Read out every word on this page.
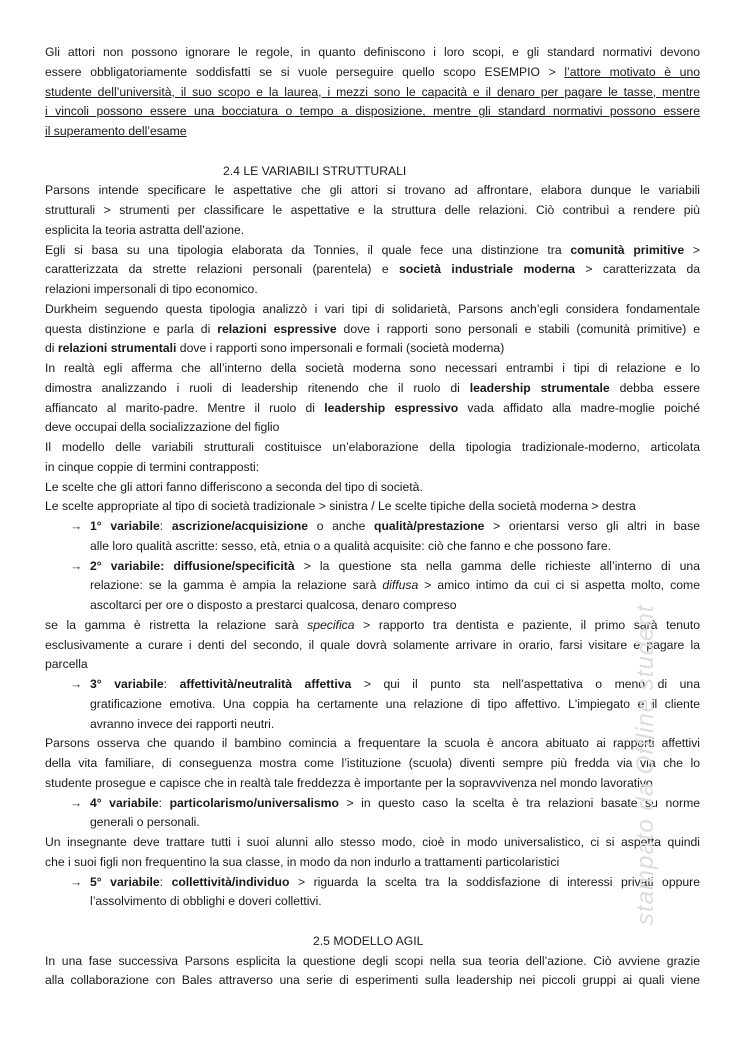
Gli attori non possono ignorare le regole, in quanto definiscono i loro scopi, e gli standard normativi devono
essere obbligatoriamente soddisfatti se si vuole perseguire quello scopo ESEMPIO > l’attore motivato è uno
studente dell’università, il suo scopo e la laurea, i mezzi sono le capacità e il denaro per pagare le tasse, mentre
i vincoli possono essere una bocciatura o tempo a disposizione, mentre gli standard normativi possono essere
il superamento dell’esame
2.4 LE VARIABILI STRUTTURALI
Parsons intende specificare le aspettative che gli attori si trovano ad affrontare, elabora dunque le variabili
strutturali > strumenti per classificare le aspettative e la struttura delle relazioni. Ciò contribuì a rendere più
esplicita la teoria astratta dell’azione.
Egli si basa su una tipologia elaborata da Tonnies, il quale fece una distinzione tra comunità primitive >
caratterizzata da strette relazioni personali (parentela) e società industriale moderna > caratterizzata da
relazioni impersonali di tipo economico.
Durkheim seguendo questa tipologia analizzò i vari tipi di solidarietà, Parsons anch’egli considera fondamentale
questa distinzione e parla di relazioni espressive dove i rapporti sono personali e stabili (comunità primitive) e
di relazioni strumentali dove i rapporti sono impersonali e formali (società moderna)
In realtà egli afferma che all’interno della società moderna sono necessari entrambi i tipi di relazione e lo
dimostra analizzando i ruoli di leadership ritenendo che il ruolo di leadership strumentale debba essere
affiancato al marito-padre. Mentre il ruolo di leadership espressivo vada affidato alla madre-moglie poiché
deve occupai della socializzazione del figlio
Il modello delle variabili strutturali costituisce un’elaborazione della tipologia tradizionale-moderno, articolata
in cinque coppie di termini contrapposti:
Le scelte che gli attori fanno differiscono a seconda del tipo di società.
Le scelte appropriate al tipo di società tradizionale > sinistra / Le scelte tipiche della società moderna > destra
→ 1° variabile: ascrizione/acquisizione o anche qualità/prestazione > orientarsi verso gli altri in base
alle loro qualità ascritte: sesso, età, etnia o a qualità acquisite: ciò che fanno e che possono fare.
→ 2° variabile: diffusione/specificità > la questione sta nella gamma delle richieste all’interno di una
relazione: se la gamma è ampia la relazione sarà diffusa > amico intimo da cui ci si aspetta molto, come
ascoltarci per ore o disposto a prestarci qualcosa, denaro compreso
se la gamma è ristretta la relazione sarà specifica > rapporto tra dentista e paziente, il primo sarà tenuto
esclusivamente a curare i denti del secondo, il quale dovrà solamente arrivare in orario, farsi visitare e pagare la
parcella
→ 3° variabile: affettività/neutralità affettiva > qui il punto sta nell’aspettativa o meno di una
gratificazione emotiva. Una coppia ha certamente una relazione di tipo affettivo. L'impiegato e il cliente
avranno invece dei rapporti neutri.
Parsons osserva che quando il bambino comincia a frequentare la scuola è ancora abituato ai rapporti affettivi
della vita familiare, di conseguenza mostra come l’istituzione (scuola) diventi sempre più fredda via via che lo
studente prosegue e capisce che in realtà tale freddezza è importante per la sopravvivenza nel mondo lavorativo
→ 4° variabile: particolarismo/universalismo > in questo caso la scelta è tra relazioni basate su norme
generali o personali.
Un insegnante deve trattare tutti i suoi alunni allo stesso modo, cioè in modo universalistico, ci si aspetta quindi
che i suoi figli non frequentino la sua classe, in modo da non indurlo a trattamenti particolaristici
→ 5° variabile: collettività/individuo > riguarda la scelta tra la soddisfazione di interessi privati oppure
l’assolvimento di obblighi e doveri collettivi.
2.5 MODELLO AGIL
In una fase successiva Parsons esplicita la questione degli scopi nella sua teoria dell’azione. Ciò avviene grazie
alla collaborazione con Bales attraverso una serie di esperimenti sulla leadership nei piccoli gruppi ai quali viene
stampato da Offline student
